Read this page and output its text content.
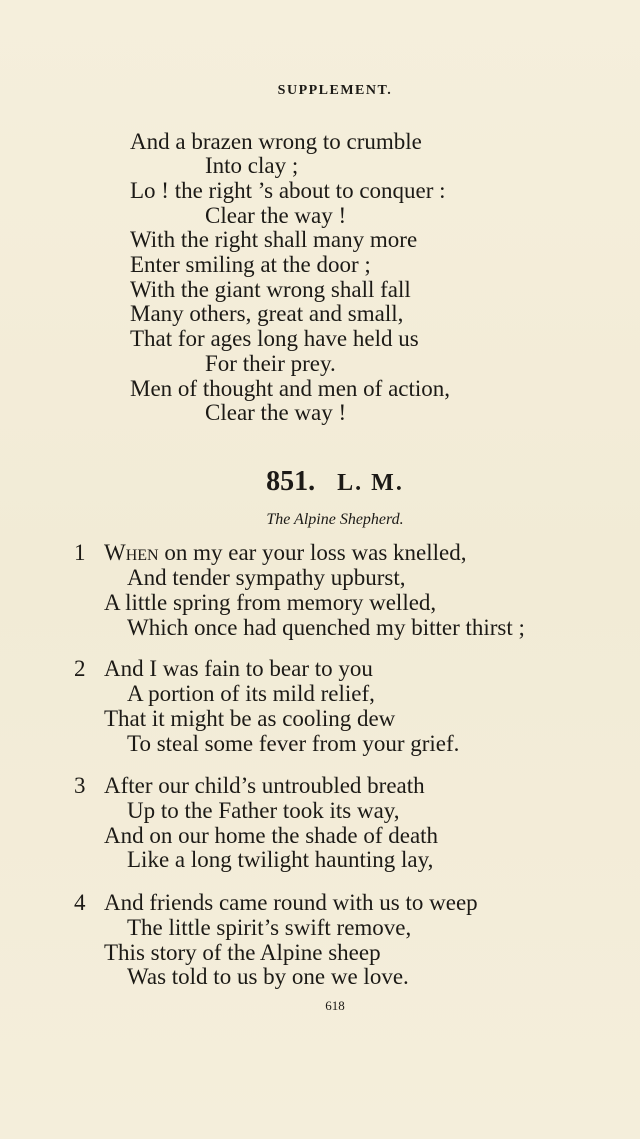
SUPPLEMENT.
And a brazen wrong to crumble
Into clay ;
Lo ! the right ’s about to conquer :
Clear the way !
With the right shall many more
Enter smiling at the door ;
With the giant wrong shall fall
Many others, great and small,
That for ages long have held us
For their prey.
Men of thought and men of action,
Clear the way !
851. L. M.
The Alpine Shepherd.
1 When on my ear your loss was knelled,
And tender sympathy upburst,
A little spring from memory welled,
Which once had quenched my bitter thirst ;
2 And I was fain to bear to you
A portion of its mild relief,
That it might be as cooling dew
To steal some fever from your grief.
3 After our child’s untroubled breath
Up to the Father took its way,
And on our home the shade of death
Like a long twilight haunting lay,
4 And friends came round with us to weep
The little spirit’s swift remove,
This story of the Alpine sheep
Was told to us by one we love.
618
